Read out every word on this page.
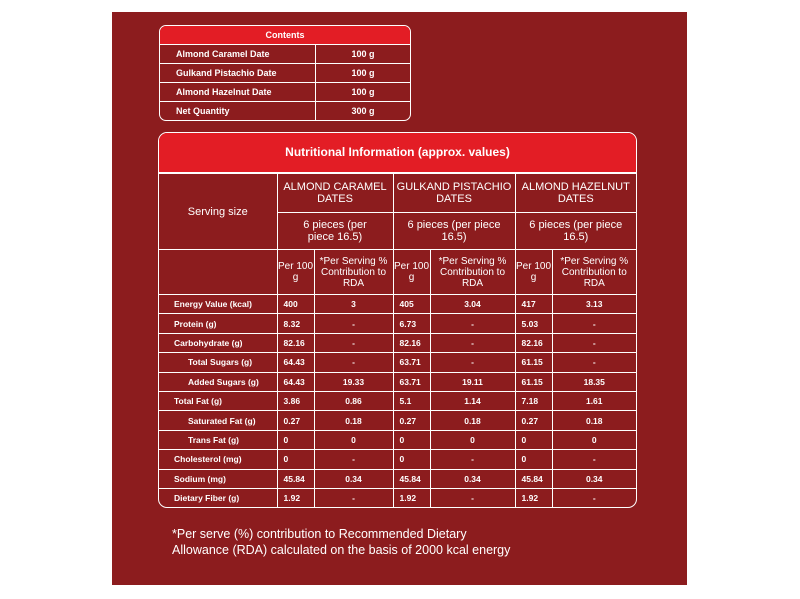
Contents
Almond Caramel Date	100 g
Gulkand Pistachio Date	100 g
Almond Hazelnut Date	100 g
Net Quantity	300 g
Nutritional Information (approx. values)
Serving size	ALMOND CARAMEL DATES		GULKAND PISTACHIO DATES		ALMOND HAZELNUT DATES	
	6 pieces (per piece 16.5)		6 pieces (per piece 16.5)		6 pieces (per piece 16.5)	
	Per 100 g	*Per Serving % Contribution to RDA	Per 100 g	*Per Serving % Contribution to RDA	Per 100 g	*Per Serving % Contribution to RDA
Energy Value (kcal)	400	3	405	3.04	417	3.13
Protein (g)	8.32	-	6.73	-	5.03	-
Carbohydrate (g)	82.16	-	82.16	-	82.16	-
Total Sugars (g)	64.43	-	63.71	-	61.15	-
Added Sugars (g)	64.43	19.33	63.71	19.11	61.15	18.35
Total Fat (g)	3.86	0.86	5.1	1.14	7.18	1.61
Saturated Fat (g)	0.27	0.18	0.27	0.18	0.27	0.18
Trans Fat (g)	0	0	0	0	0	0
Cholesterol (mg)	0	-	0	-	0	-
Sodium (mg)	45.84	0.34	45.84	0.34	45.84	0.34
Dietary Fiber (g)	1.92	-	1.92	-	1.92	-
*Per serve (%) contribution to Recommended Dietary
Allowance (RDA) calculated on the basis of 2000 kcal energy
